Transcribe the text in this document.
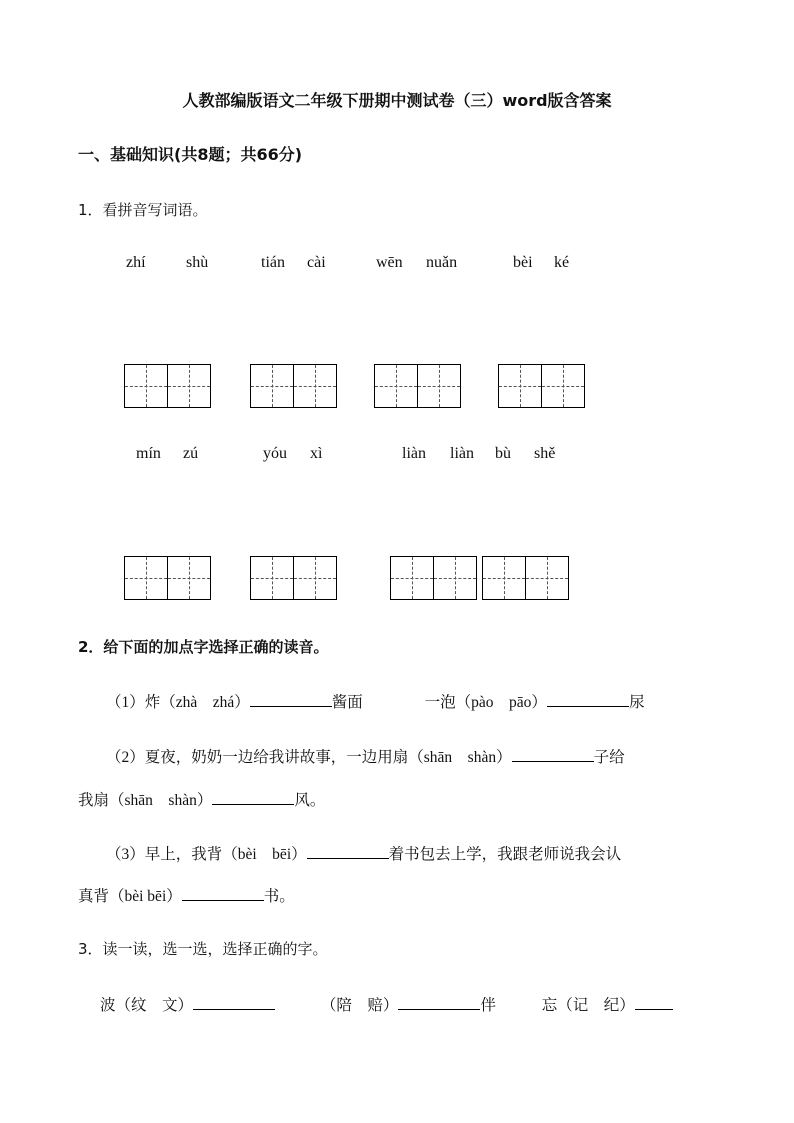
人教部编版语文二年级下册期中测试卷（三）word版含答案
一、基础知识(共8题；共66分)
1．看拼音写词语。
zhí	shù	tián cài	wēn nuǎn	bèi ké
mín zú	yóu xì	liàn liàn bù shě
2．给下面的加点字选择正确的读音。
（1）炸（zhà　zhá）	酱面	一泡（pào　pāo）	尿
（2）夏夜，奶奶一边给我讲故事，一边用扇（shān　shàn）	子给
我扇（shān　shàn）	风。
（3）早上，我背（bèi　bēi）	着书包去上学，我跟老师说我会认
真背（bèi bēi）	书。
3．读一读，选一选，选择正确的字。
波（纹　文）	（陪　赔）	伴	忘（记　纪）
